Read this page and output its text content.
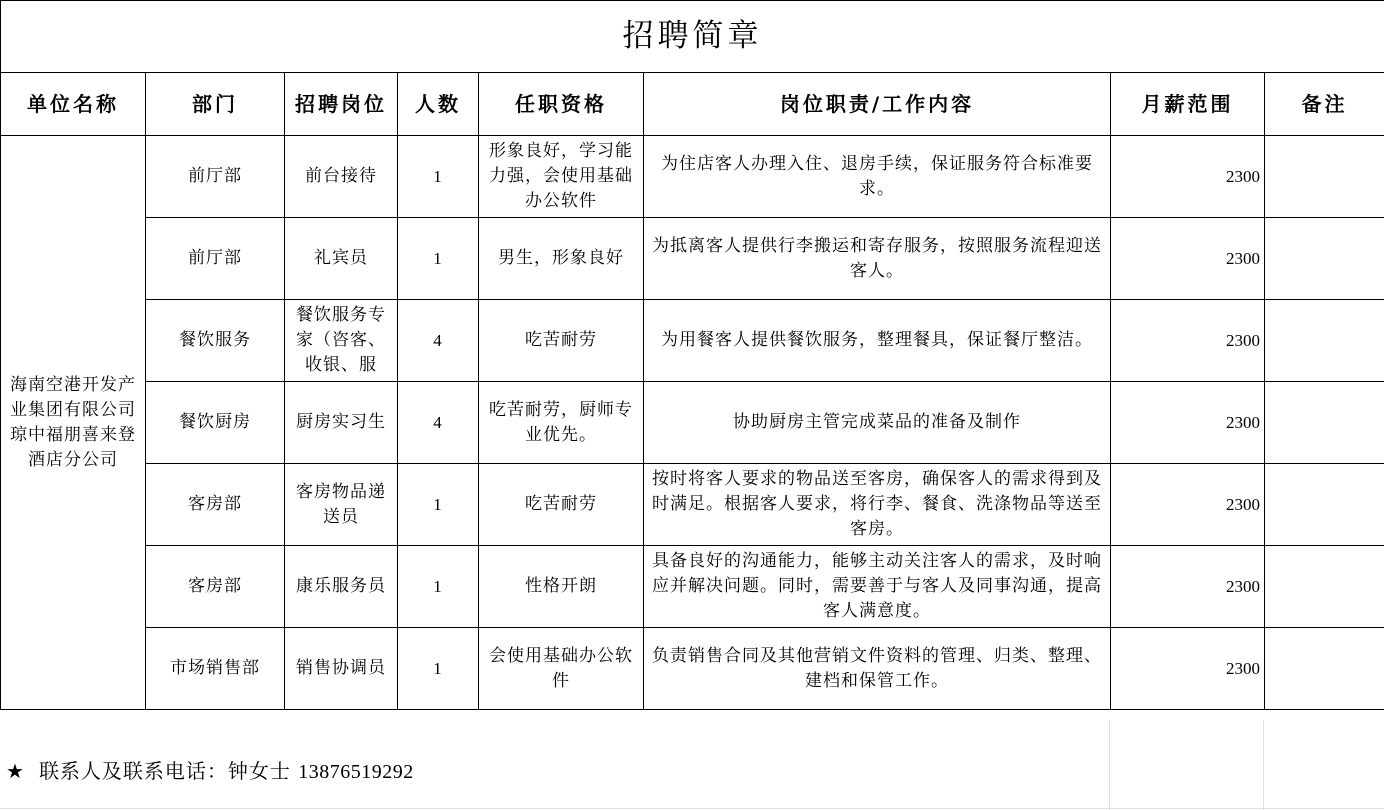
招聘简章							
单位名称	部门	招聘岗位	人数	任职资格	岗位职责/工作内容	月薪范围	备注
海南空港开发产业集团有限公司琼中福朋喜来登酒店分公司	前厅部	前台接待	1	形象良好，学习能力强，会使用基础办公软件	为住店客人办理入住、退房手续，保证服务符合标准要求。	2300	
	前厅部	礼宾员	1	男生，形象良好	为抵离客人提供行李搬运和寄存服务，按照服务流程迎送客人。	2300	
	餐饮服务	餐饮服务专家（咨客、收银、服	4	吃苦耐劳	为用餐客人提供餐饮服务，整理餐具，保证餐厅整洁。	2300	
	餐饮厨房	厨房实习生	4	吃苦耐劳，厨师专业优先。	协助厨房主管完成菜品的准备及制作	2300	
	客房部	客房物品递送员	1	吃苦耐劳	按时将客人要求的物品送至客房，确保客人的需求得到及时满足。根据客人要求，将行李、餐食、洗涤物品等送至客房。	2300	
	客房部	康乐服务员	1	性格开朗	具备良好的沟通能力，能够主动关注客人的需求，及时响应并解决问题。同时，需要善于与客人及同事沟通，提高客人满意度。	2300	
	市场销售部	销售协调员	1	会使用基础办公软件	负责销售合同及其他营销文件资料的管理、归类、整理、建档和保管工作。	2300	
★ 联系人及联系电话：钟女士 13876519292
